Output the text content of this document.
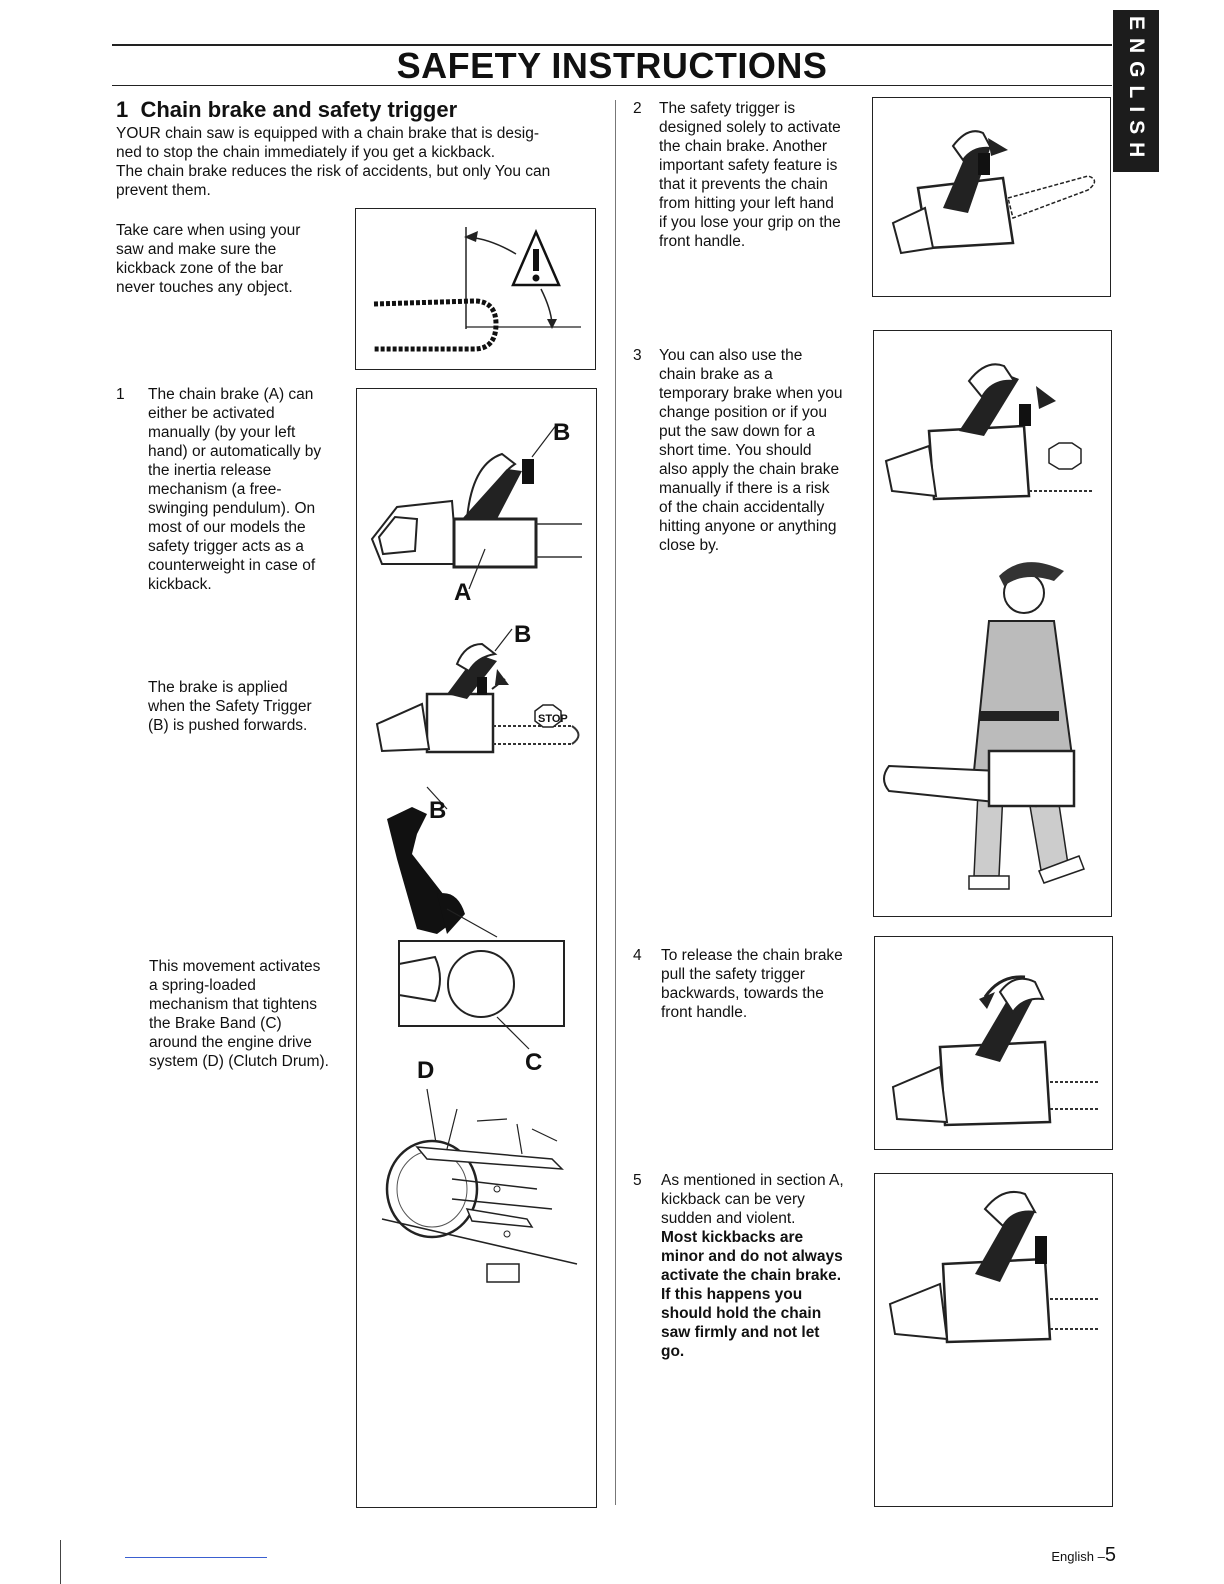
SAFETY INSTRUCTIONS	ENGLISH
1 Chain brake and safety trigger
YOUR chain saw is equipped with a chain brake that is desig-
ned to stop the chain immediately if you get a kickback.
The chain brake reduces the risk of accidents, but only You can
prevent them.
Take care when using your
saw and make sure the
kickback zone of the bar
never touches any object.
1 The chain brake (A) can
either be activated
manually (by your left
hand) or automatically by
the inertia release
mechanism (a free-
swinging pendulum). On
most of our models the
safety trigger acts as a
counterweight in case of
kickback.
The brake is applied
when the Safety Trigger
(B) is pushed forwards.
This movement activates
a spring-loaded
mechanism that tightens
the Brake Band (C)
around the engine drive
system (D) (Clutch Drum).
B
A
B
STOP
B
D	C
2 The safety trigger is
designed solely to activate
the chain brake. Another
important safety feature is
that it prevents the chain
from hitting your left hand
if you lose your grip on the
front handle.
3 You can also use the
chain brake as a
temporary brake when you
change position or if you
put the saw down for a
short time. You should
also apply the chain brake
manually if there is a risk
of the chain accidentally
hitting anyone or anything
close by.
4 To release the chain brake
pull the safety trigger
backwards, towards the
front handle.
5 As mentioned in section A,
kickback can be very
sudden and violent.
Most kickbacks are
minor and do not always
activate the chain brake.
If this happens you
should hold the chain
saw firmly and not let
go.
English –5
